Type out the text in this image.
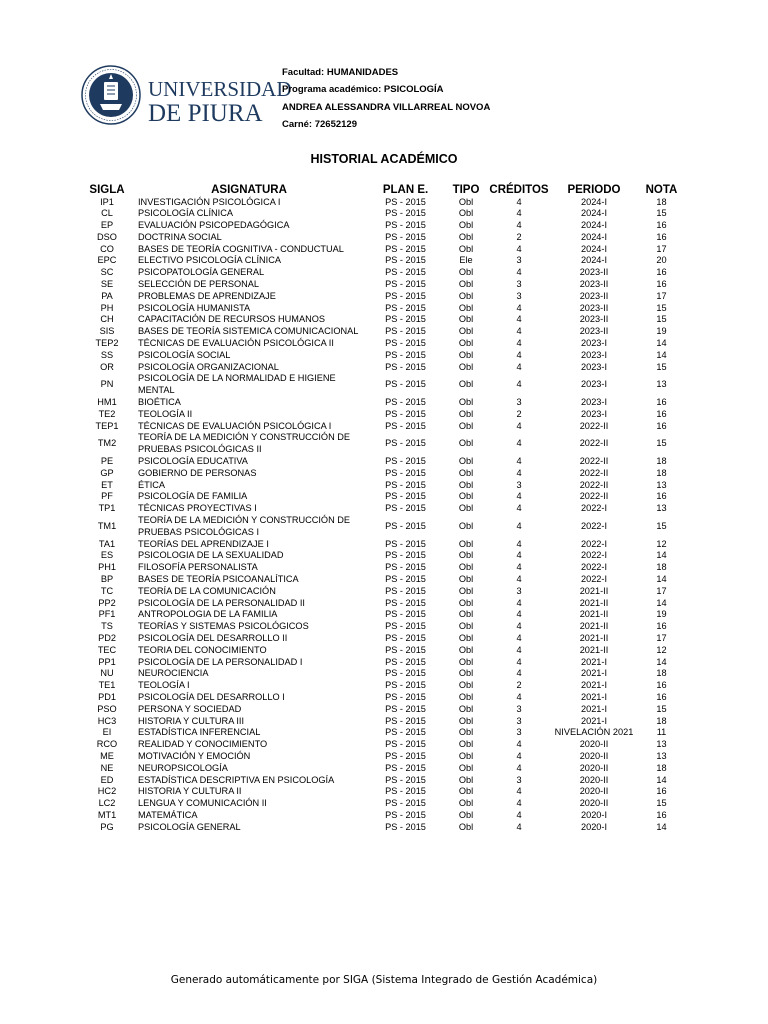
UNIVERSIDAD
DE PIURA
Facultad: HUMANIDADES
Programa académico: PSICOLOGÍA
ANDREA ALESSANDRA VILLARREAL NOVOA
Carné: 72652129
HISTORIAL ACADÉMICO
SIGLA	ASIGNATURA	PLAN E.	TIPO	CRÉDITOS	PERIODO	NOTA
IP1	INVESTIGACIÓN PSICOLÓGICA I	PS - 2015	Obl	4	2024-I	18
CL	PSICOLOGÍA CLÍNICA	PS - 2015	Obl	4	2024-I	15
EP	EVALUACIÓN PSICOPEDAGÓGICA	PS - 2015	Obl	4	2024-I	16
DSO	DOCTRINA SOCIAL	PS - 2015	Obl	2	2024-I	16
CO	BASES DE TEORÍA COGNITIVA - CONDUCTUAL	PS - 2015	Obl	4	2024-I	17
EPC	ELECTIVO PSICOLOGÍA CLÍNICA	PS - 2015	Ele	3	2024-I	20
SC	PSICOPATOLOGÍA GENERAL	PS - 2015	Obl	4	2023-II	16
SE	SELECCIÓN DE PERSONAL	PS - 2015	Obl	3	2023-II	16
PA	PROBLEMAS DE APRENDIZAJE	PS - 2015	Obl	3	2023-II	17
PH	PSICOLOGÍA HUMANISTA	PS - 2015	Obl	4	2023-II	15
CH	CAPACITACIÓN DE RECURSOS HUMANOS	PS - 2015	Obl	4	2023-II	15
SIS	BASES DE TEORÍA SISTEMICA COMUNICACIONAL	PS - 2015	Obl	4	2023-II	19
TEP2	TÉCNICAS DE EVALUACIÓN PSICOLÓGICA II	PS - 2015	Obl	4	2023-I	14
SS	PSICOLOGÍA SOCIAL	PS - 2015	Obl	4	2023-I	14
OR	PSICOLOGÍA ORGANIZACIONAL	PS - 2015	Obl	4	2023-I	15
PN	PSICOLOGÍA DE LA NORMALIDAD E HIGIENE MENTAL	PS - 2015	Obl	4	2023-I	13
HM1	BIOÉTICA	PS - 2015	Obl	3	2023-I	16
TE2	TEOLOGÍA II	PS - 2015	Obl	2	2023-I	16
TEP1	TÉCNICAS DE EVALUACIÓN PSICOLÓGICA I	PS - 2015	Obl	4	2022-II	16
TM2	TEORÍA DE LA MEDICIÓN Y CONSTRUCCIÓN DE PRUEBAS PSICOLÓGICAS II	PS - 2015	Obl	4	2022-II	15
PE	PSICOLOGÍA EDUCATIVA	PS - 2015	Obl	4	2022-II	18
GP	GOBIERNO DE PERSONAS	PS - 2015	Obl	4	2022-II	18
ET	ÉTICA	PS - 2015	Obl	3	2022-II	13
PF	PSICOLOGÍA DE FAMILIA	PS - 2015	Obl	4	2022-II	16
TP1	TÉCNICAS PROYECTIVAS I	PS - 2015	Obl	4	2022-I	13
TM1	TEORÍA DE LA MEDICIÓN Y CONSTRUCCIÓN DE PRUEBAS PSICOLÓGICAS I	PS - 2015	Obl	4	2022-I	15
TA1	TEORÍAS DEL APRENDIZAJE I	PS - 2015	Obl	4	2022-I	12
ES	PSICOLOGIA DE LA SEXUALIDAD	PS - 2015	Obl	4	2022-I	14
PH1	FILOSOFÍA PERSONALISTA	PS - 2015	Obl	4	2022-I	18
BP	BASES DE TEORÍA PSICOANALÍTICA	PS - 2015	Obl	4	2022-I	14
TC	TEORÍA DE LA COMUNICACIÓN	PS - 2015	Obl	3	2021-II	17
PP2	PSICOLOGÍA DE LA PERSONALIDAD II	PS - 2015	Obl	4	2021-II	14
PF1	ANTROPOLOGIA DE LA FAMILIA	PS - 2015	Obl	4	2021-II	19
TS	TEORÍAS Y SISTEMAS PSICOLÓGICOS	PS - 2015	Obl	4	2021-II	16
PD2	PSICOLOGÍA DEL DESARROLLO II	PS - 2015	Obl	4	2021-II	17
TEC	TEORIA DEL CONOCIMIENTO	PS - 2015	Obl	4	2021-II	12
PP1	PSICOLOGÍA DE LA PERSONALIDAD I	PS - 2015	Obl	4	2021-I	14
NU	NEUROCIENCIA	PS - 2015	Obl	4	2021-I	18
TE1	TEOLOGÍA I	PS - 2015	Obl	2	2021-I	16
PD1	PSICOLOGÍA DEL DESARROLLO I	PS - 2015	Obl	4	2021-I	16
PSO	PERSONA Y SOCIEDAD	PS - 2015	Obl	3	2021-I	15
HC3	HISTORIA Y CULTURA III	PS - 2015	Obl	3	2021-I	18
EI	ESTADÍSTICA INFERENCIAL	PS - 2015	Obl	3	NIVELACIÓN 2021	11
RCO	REALIDAD Y CONOCIMIENTO	PS - 2015	Obl	4	2020-II	13
ME	MOTIVACIÓN Y EMOCIÓN	PS - 2015	Obl	4	2020-II	13
NE	NEUROPSICOLOGÍA	PS - 2015	Obl	4	2020-II	18
ED	ESTADÍSTICA DESCRIPTIVA EN PSICOLOGÍA	PS - 2015	Obl	3	2020-II	14
HC2	HISTORIA Y CULTURA II	PS - 2015	Obl	4	2020-II	16
LC2	LENGUA Y COMUNICACIÓN II	PS - 2015	Obl	4	2020-II	15
MT1	MATEMÁTICA	PS - 2015	Obl	4	2020-I	16
PG	PSICOLOGÍA GENERAL	PS - 2015	Obl	4	2020-I	14
Generado automáticamente por SIGA (Sistema Integrado de Gestión Académica)
